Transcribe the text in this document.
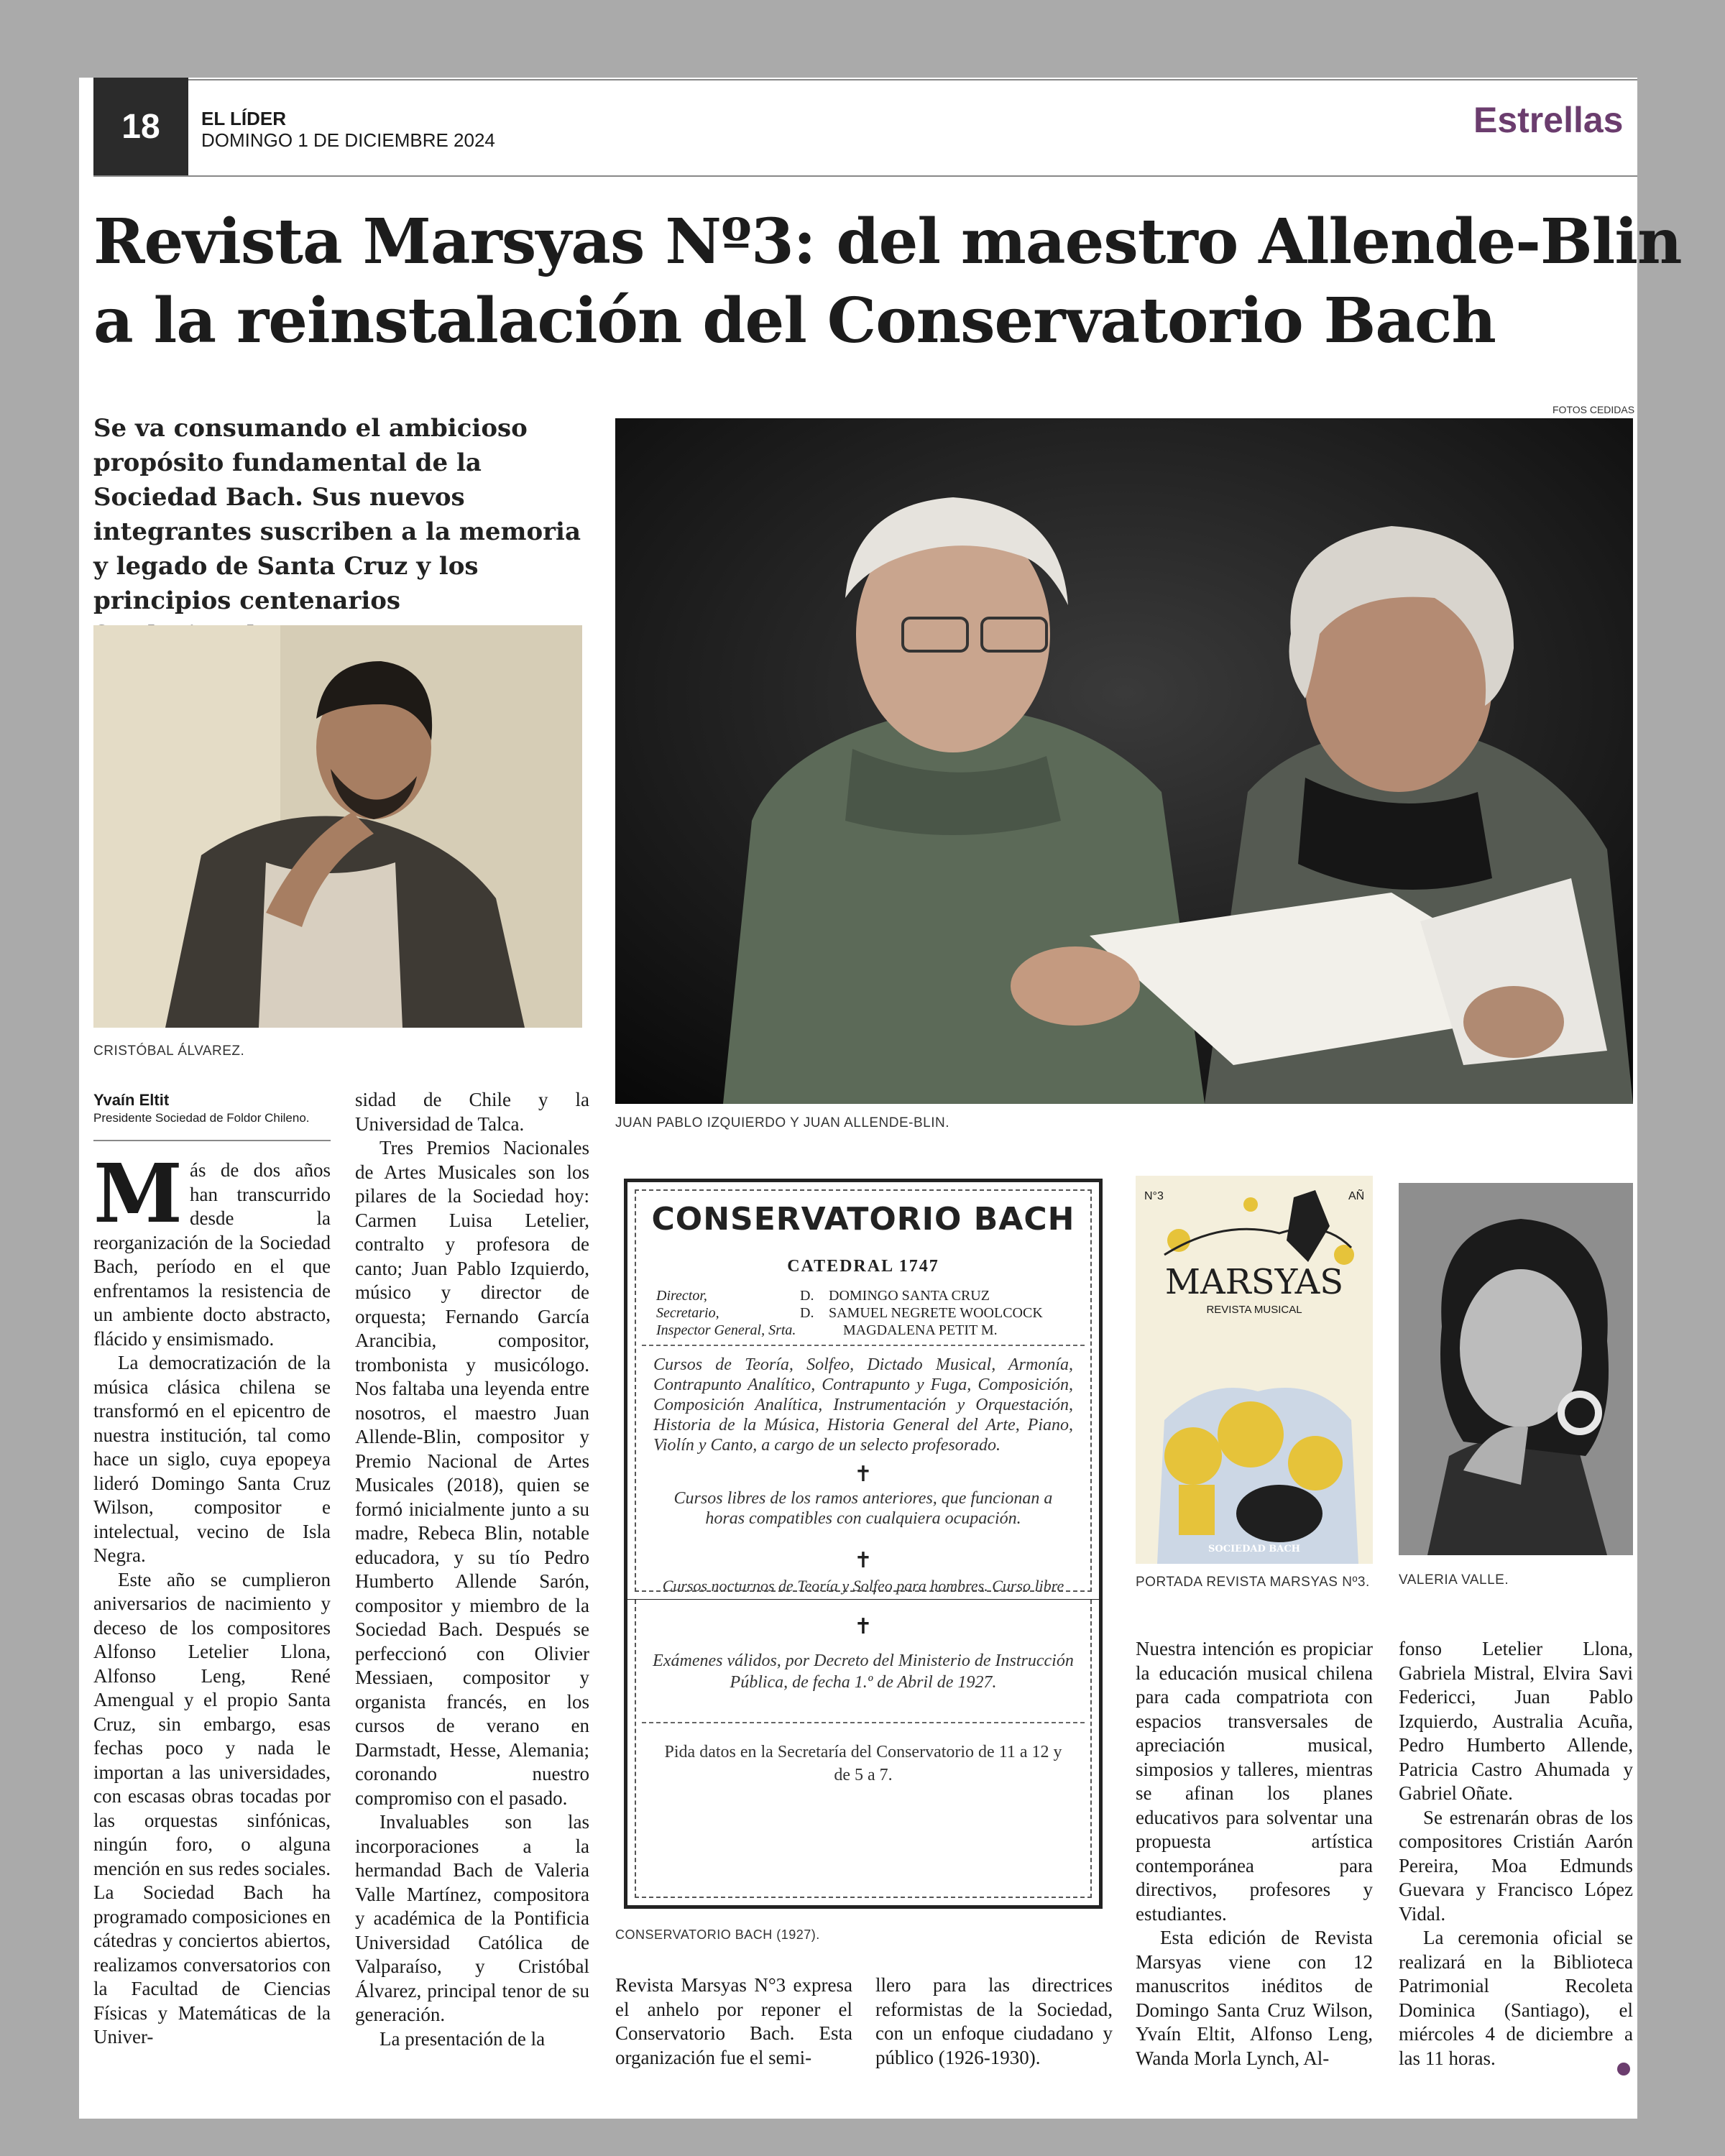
18	EL LÍDER
DOMINGO 1 DE DICIEMBRE 2024	Estrellas
Revista Marsyas Nº3: del maestro Allende-Blin
a la reinstalación del Conservatorio Bach
Se va consumando el ambicioso propósito fundamental de la Sociedad Bach. Sus nuevos integrantes suscriben a la memoria y legado de Santa Cruz y los principios centenarios
FOTOS CEDIDAS
JUAN PABLO IZQUIERDO Y JUAN ALLENDE-BLIN.
CRISTÓBAL ÁLVAREZ.
Yvaín Eltit
Presidente Sociedad de Foldor Chileno.

Más de dos años han transcurrido desde la reorganización de la Sociedad Bach, período en el que enfrentamos la resistencia de un ambiente docto abstracto, flácido y ensimismado.

La democratización de la música clásica chilena se transformó en el epicentro de nuestra institución, tal como hace un siglo, cuya epopeya lideró Domingo Santa Cruz Wilson, compositor e intelectual, vecino de Isla Negra.

Este año se cumplieron aniversarios de nacimiento y deceso de los compositores Alfonso Letelier Llona, Alfonso Leng, René Amengual y el propio Santa Cruz, sin embargo, esas fechas poco y nada le importan a las universidades, con escasas obras tocadas por las orquestas sinfónicas, ningún foro, o alguna mención en sus redes sociales. La Sociedad Bach ha programado composiciones en cátedras y conciertos abiertos, realizamos conversatorios con la Facultad de Ciencias Físicas y Matemáticas de la Univer-

sidad de Chile y la Universidad de Talca.

Tres Premios Nacionales de Artes Musicales son los pilares de la Sociedad hoy: Carmen Luisa Letelier, contralto y profesora de canto; Juan Pablo Izquierdo, músico y director de orquesta; Fernando García Arancibia, compositor, trombonista y musicólogo. Nos faltaba una leyenda entre nosotros, el maestro Juan Allende-Blin, compositor y Premio Nacional de Artes Musicales (2018), quien se formó inicialmente junto a su madre, Rebeca Blin, notable educadora, y su tío Pedro Humberto Allende Sarón, compositor y miembro de la Sociedad Bach. Después se perfeccionó con Olivier Messiaen, compositor y organista francés, en los cursos de verano en Darmstadt, Hesse, Alemania; coronando nuestro compromiso con el pasado.

Invaluables son las incorporaciones a la hermandad Bach de Valeria Valle Martínez, compositora y académica de la Pontificia Universidad Católica de Valparaíso, y Cristóbal Álvarez, principal tenor de su generación.

La presentación de la

CONSERVATORIO BACH
CATEDRAL 1747
Director,	D. DOMINGO SANTA CRUZ
Secretario,	D. SAMUEL NEGRETE WOOLCOCK
Inspector General, Srta.	MAGDALENA PETIT M.
Cursos de Teoría, Solfeo, Dictado Musical, Armonía, Contrapunto Analítico, Contrapunto y Fuga, Composición, Composición Analítica, Instrumentación y Orquestación, Historia de la Música, Historia General del Arte, Piano, Violín y Canto, a cargo de un selecto profesorado.
✝
Cursos libres de los ramos anteriores, que funcionan a horas compatibles con cualquiera ocupación.
✝
Cursos nocturnos de Teoría y Solfeo para hombres. Curso libre
CONSERVATORIO BACH (1927).

Revista Marsyas N°3 expresa el anhelo por reponer el Conservatorio Bach. Esta organización fue el semi-

llero para las directrices reformistas de la Sociedad, con un enfoque ciudadano y público (1926-1930).

N°3	AÑ
MARSYAS
REVISTA MUSICAL
SOCIEDAD BACH
PORTADA REVISTA MARSYAS Nº3. VALERIA VALLE.

Nuestra intención es propiciar la educación musical chilena para cada compatriota con espacios transversales de apreciación musical, simposios y talleres, mientras se afinan los planes educativos para solventar una propuesta artística contemporánea para directivos, profesores y estudiantes.

Esta edición de Revista Marsyas viene con 12 manuscritos inéditos de Domingo Santa Cruz Wilson, Yvaín Eltit, Alfonso Leng, Wanda Morla Lynch, Al-

fonso Letelier Llona, Gabriela Mistral, Elvira Savi Federicci, Juan Pablo Izquierdo, Australia Acuña, Pedro Humberto Allende, Patricia Castro Ahumada y Gabriel Oñate.

Se estrenarán obras de los compositores Cristián Aarón Pereira, Moa Edmunds Guevara y Francisco López Vidal.

La ceremonia oficial se realizará en la Biblioteca Patrimonial Recoleta Dominica (Santiago), el miércoles 4 de diciembre a las 11 horas.

✝
Exámenes válidos, por Decreto del Ministerio de Instrucción Pública, de fecha 1.º de Abril de 1927.
Pida datos en la Secretaría del Conservatorio de 11 a 12 y de 5 a 7.
